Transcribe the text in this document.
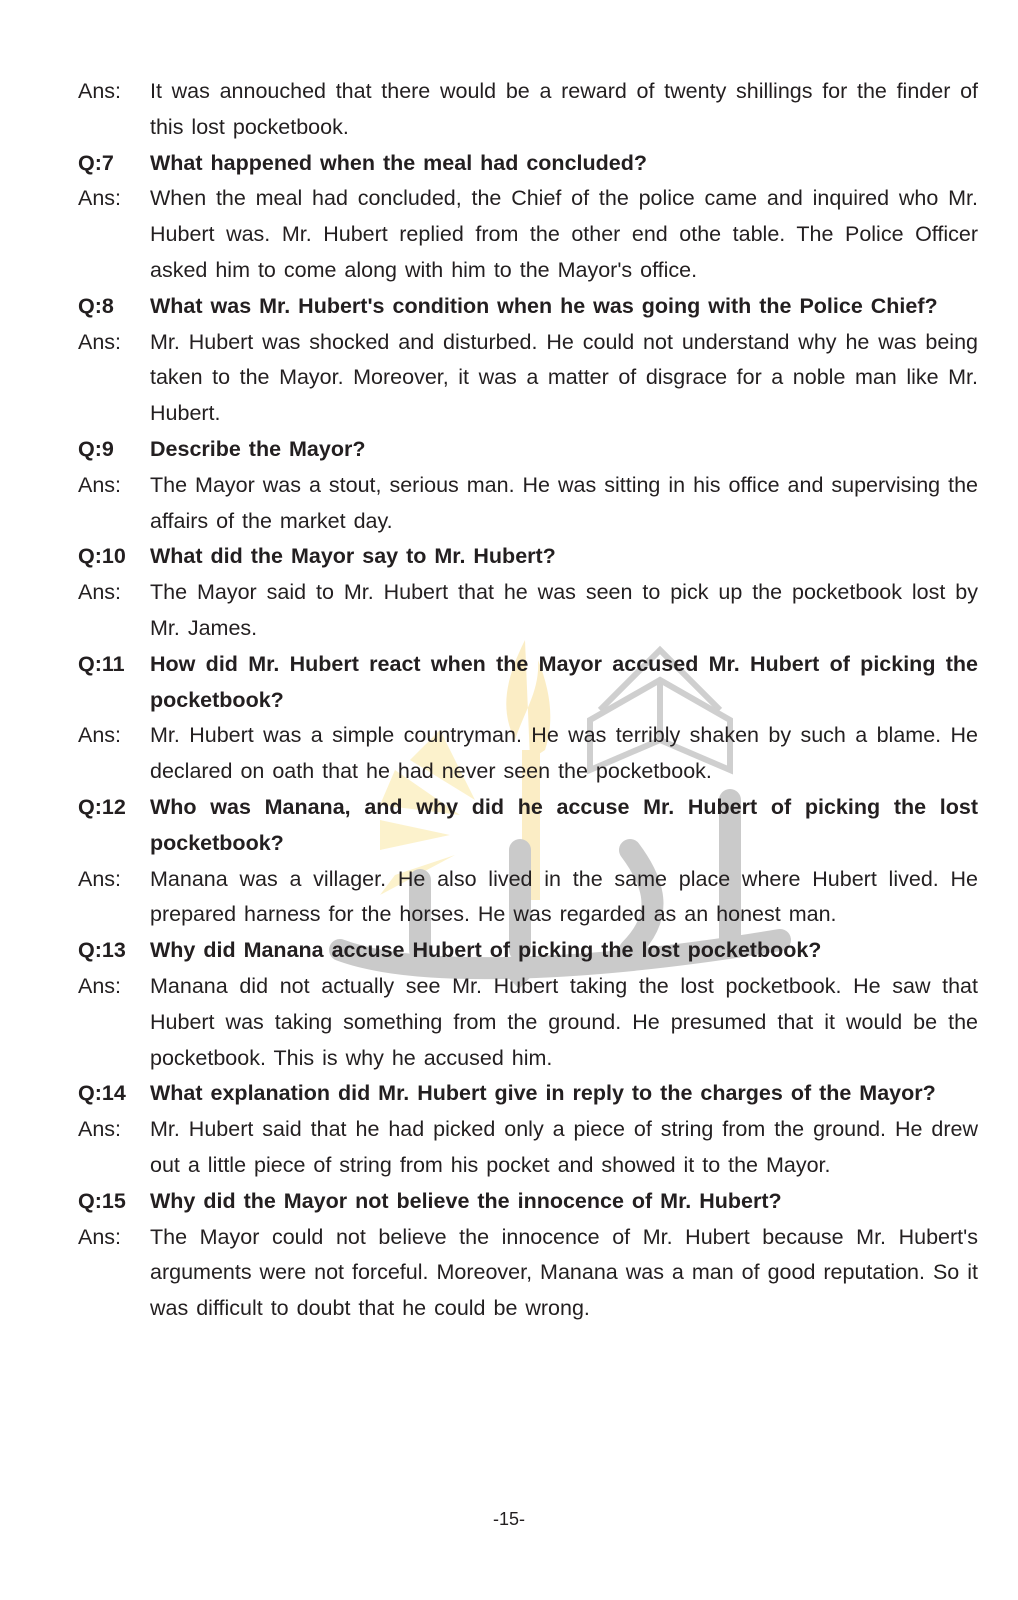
Ans:	It was annouched that there would be a reward of twenty shillings for the finder of this lost pocketbook.
Q:7	What happened when the meal had concluded?
Ans:	When the meal had concluded, the Chief of the police came and inquired who Mr. Hubert was. Mr. Hubert replied from the other end othe table. The Police Officer asked him to come along with him to the Mayor's office.
Q:8	What was Mr. Hubert's condition when he was going with the Police Chief?
Ans:	Mr. Hubert was shocked and disturbed. He could not understand why he was being taken to the Mayor. Moreover, it was a matter of disgrace for a noble man like Mr. Hubert.
Q:9	Describe the Mayor?
Ans:	The Mayor was a stout, serious man. He was sitting in his office and supervising the affairs of the market day.
Q:10	What did the Mayor say to Mr. Hubert?
Ans:	The Mayor said to Mr. Hubert that he was seen to pick up the pocketbook lost by Mr. James.
Q:11	How did Mr. Hubert react when the Mayor accused Mr. Hubert of picking the pocketbook?
Ans:	Mr. Hubert was a simple countryman. He was terribly shaken by such a blame. He declared on oath that he had never seen the pocketbook.
Q:12	Who was Manana, and why did he accuse Mr. Hubert of picking the lost pocketbook?
Ans:	Manana was a villager. He also lived in the same place where Hubert lived. He prepared harness for the horses. He was regarded as an honest man.
Q:13	Why did Manana accuse Hubert of picking the lost pocketbook?
Ans:	Manana did not actually see Mr. Hubert taking the lost pocketbook. He saw that Hubert was taking something from the ground. He presumed that it would be the pocketbook. This is why he accused him.
Q:14	What explanation did Mr. Hubert give in reply to the charges of the Mayor?
Ans:	Mr. Hubert said that he had picked only a piece of string from the ground. He drew out a little piece of string from his pocket and showed it to the Mayor.
Q:15	Why did the Mayor not believe the innocence of Mr. Hubert?
Ans:	The Mayor could not believe the innocence of Mr. Hubert because Mr. Hubert's arguments were not forceful. Moreover, Manana was a man of good reputation. So it was difficult to doubt that he could be wrong.
-15-
